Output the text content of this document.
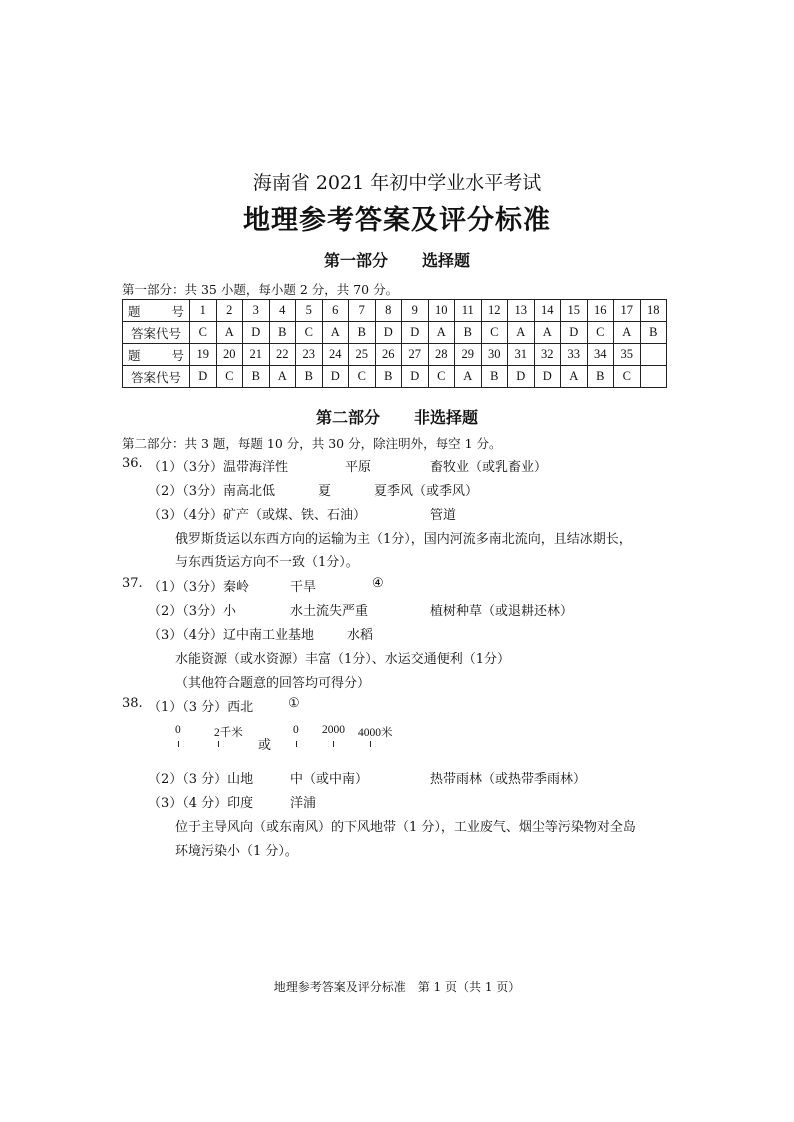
海南省 2021 年初中学业水平考试
地理参考答案及评分标准
第一部分 选择题
第一部分：共 35 小题，每小题 2 分，共 70 分。
题 号	1	2	3	4	5	6	7	8	9	10	11	12	13	14	15	16	17	18
答案代号	C	A	D	B	C	A	B	D	D	A	B	C	A	A	D	C	A	B
题 号	19	20	21	22	23	24	25	26	27	28	29	30	31	32	33	34	35	
答案代号	D	C	B	A	B	D	C	B	D	C	A	B	D	D	A	B	C	
第二部分 非选择题
第二部分：共 3 题，每题 10 分，共 30 分，除注明外，每空 1 分。
36. （1）（3分）温带海洋性	平原	畜牧业（或乳畜业）
（2）（3分）南高北低	夏	夏季风（或季风）
（3）（4分）矿产（或煤、铁、石油）	管道
俄罗斯货运以东西方向的运输为主（1分），国内河流多南北流向，且结冰期长，
与东西货运方向不一致（1分）。
37. （1）（3分）秦岭	干旱	④
（2）（3分）小	水土流失严重	植树种草（或退耕还林）
（3）（4分）辽中南工业基地	水稻
水能资源（或水资源）丰富（1分）、水运交通便利（1分）
（其他符合题意的回答均可得分）
38. （1）（3 分）西北	①
0	2千米
或
0 2000 4000米
（2）（3 分）山地	中（或中南）	热带雨林（或热带季雨林）
（3）（4 分）印度	洋浦
位于主导风向（或东南风）的下风地带（1 分），工业废气、烟尘等污染物对全岛
环境污染小（1 分）。
地理参考答案及评分标准　第 1 页（共 1 页）
